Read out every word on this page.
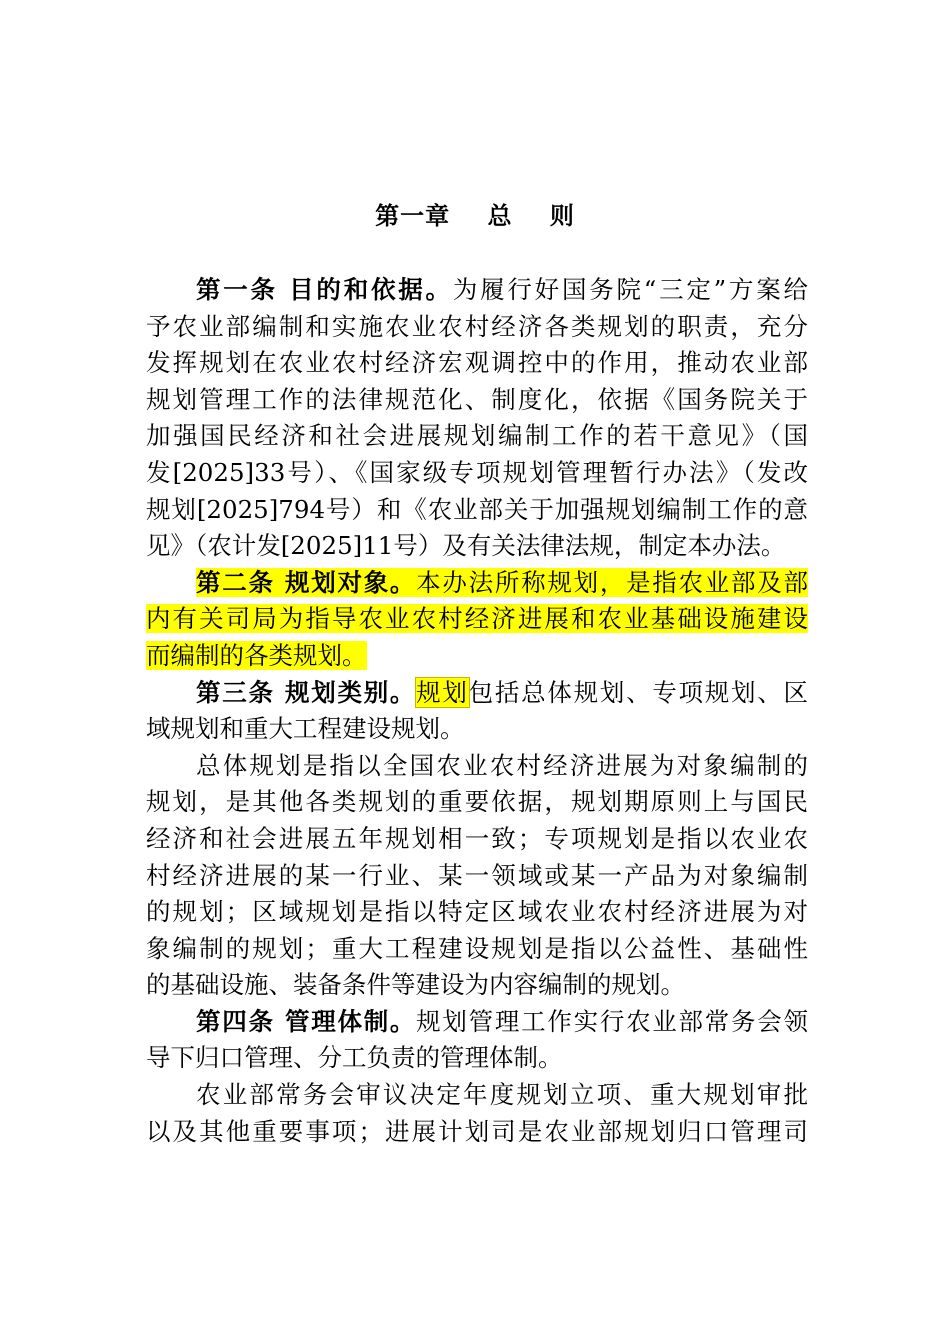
第一章    总    则
第一条 目的和依据。为履行好国务院“三定”方案给
予农业部编制和实施农业农村经济各类规划的职责，充分
发挥规划在农业农村经济宏观调控中的作用，推动农业部
规划管理工作的法律规范化、制度化，依据《国务院关于
加强国民经济和社会进展规划编制工作的若干意见》（国
发[2025]33号）、《国家级专项规划管理暂行办法》（发改
规划[2025]794号）和《农业部关于加强规划编制工作的意
见》（农计发[2025]11号）及有关法律法规，制定本办法。
第二条 规划对象。本办法所称规划，是指农业部及部
内有关司局为指导农业农村经济进展和农业基础设施建设
而编制的各类规划。
第三条 规划类别。规划包括总体规划、专项规划、区
域规划和重大工程建设规划。
总体规划是指以全国农业农村经济进展为对象编制的
规划，是其他各类规划的重要依据，规划期原则上与国民
经济和社会进展五年规划相一致；专项规划是指以农业农
村经济进展的某一行业、某一领域或某一产品为对象编制
的规划；区域规划是指以特定区域农业农村经济进展为对
象编制的规划；重大工程建设规划是指以公益性、基础性
的基础设施、装备条件等建设为内容编制的规划。
第四条 管理体制。规划管理工作实行农业部常务会领
导下归口管理、分工负责的管理体制。
农业部常务会审议决定年度规划立项、重大规划审批
以及其他重要事项；进展计划司是农业部规划归口管理司
